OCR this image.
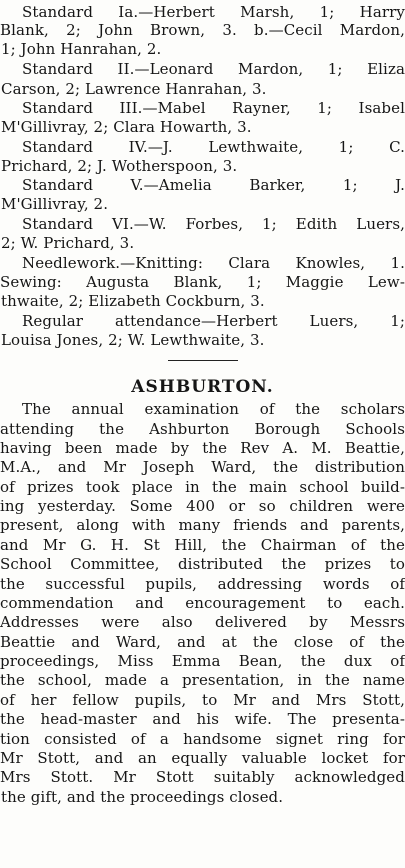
Standard Ia.—Herbert Marsh, 1; Harry
Blank, 2; John Brown, 3. b.—Cecil Mardon,
1; John Hanrahan, 2.
Standard II.—Leonard Mardon, 1; Eliza
Carson, 2; Lawrence Hanrahan, 3.
Standard III.—Mabel Rayner, 1; Isabel
M'Gillivray, 2; Clara Howarth, 3.
Standard IV.—J. Lewthwaite, 1; C.
Prichard, 2; J. Wotherspoon, 3.
Standard V.—Amelia Barker, 1; J.
M'Gillivray, 2.
Standard VI.—W. Forbes, 1; Edith Luers,
2; W. Prichard, 3.
Needlework.—Knitting: Clara Knowles, 1.
Sewing: Augusta Blank, 1; Maggie Lew-
thwaite, 2; Elizabeth Cockburn, 3.
Regular attendance—Herbert Luers, 1;
Louisa Jones, 2; W. Lewthwaite, 3.
ASHBURTON.
The annual examination of the scholars
attending the Ashburton Borough Schools
having been made by the Rev A. M. Beattie,
M.A., and Mr Joseph Ward, the distribution
of prizes took place in the main school build-
ing yesterday. Some 400 or so children were
present, along with many friends and parents,
and Mr G. H. St Hill, the Chairman of the
School Committee, distributed the prizes to
the successful pupils, addressing words of
commendation and encouragement to each.
Addresses were also delivered by Messrs
Beattie and Ward, and at the close of the
proceedings, Miss Emma Bean, the dux of
the school, made a presentation, in the name
of her fellow pupils, to Mr and Mrs Stott,
the head-master and his wife. The presenta-
tion consisted of a handsome signet ring for
Mr Stott, and an equally valuable locket for
Mrs Stott. Mr Stott suitably acknowledged
the gift, and the proceedings closed.
